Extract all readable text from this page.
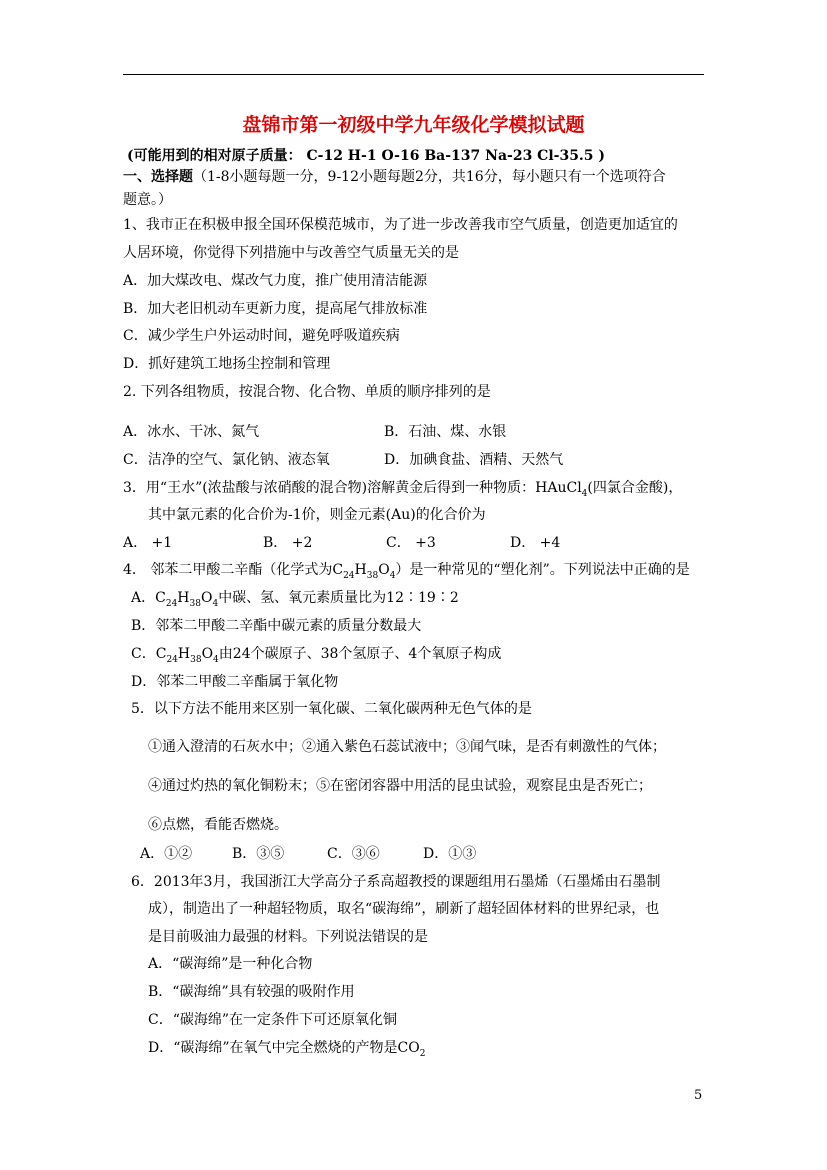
盘锦市第一初级中学九年级化学模拟试题
(可能用到的相对原子质量： C-12 H-1 O-16 Ba-137 Na-23 Cl-35.5 )
一、选择题（1-8小题每题一分，9-12小题每题2分，共16分，每小题只有一个选项符合
题意。）
1、我市正在积极申报全国环保模范城市，为了进一步改善我市空气质量，创造更加适宜的
人居环境，你觉得下列措施中与改善空气质量无关的是
A．加大煤改电、煤改气力度，推广使用清洁能源
B．加大老旧机动车更新力度，提高尾气排放标准
C．减少学生户外运动时间，避免呼吸道疾病
D．抓好建筑工地扬尘控制和管理
2. 下列各组物质，按混合物、化合物、单质的顺序排列的是
A．冰水、干冰、氮气	B．石油、煤、水银
C．洁净的空气、氯化钠、液态氧	D．加碘食盐、酒精、天然气
3．用“王水”(浓盐酸与浓硝酸的混合物)溶解黄金后得到一种物质：HAuCl$_4$(四氯合金酸)，
其中氯元素的化合价为-1价，则金元素(Au)的化合价为
A． +1	B． +2	C． +3	D． +4
4． 邻苯二甲酸二辛酯（化学式为$C_{24}H_{38}O_4$）是一种常见的“塑化剂”。下列说法中正确的是
A．$C_{24}H_{38}O_4$中碳、氢、氧元素质量比为12∶19∶2
B．邻苯二甲酸二辛酯中碳元素的质量分数最大
C．$C_{24}H_{38}O_4$由24个碳原子、38个氢原子、4个氧原子构成
D．邻苯二甲酸二辛酯属于氧化物
5．以下方法不能用来区别一氧化碳、二氧化碳两种无色气体的是
①通入澄清的石灰水中；②通入紫色石蕊试液中；③闻气味，是否有刺激性的气体；
④通过灼热的氧化铜粉末；⑤在密闭容器中用活的昆虫试验，观察昆虫是否死亡；
⑥点燃，看能否燃烧。
A．①②	B．③⑤	C．③⑥	D．①③
6．2013年3月，我国浙江大学高分子系高超教授的课题组用石墨烯（石墨烯由石墨制
成），制造出了一种超轻物质，取名“碳海绵”，刷新了超轻固体材料的世界纪录，也
是目前吸油力最强的材料。下列说法错误的是
A．“碳海绵”是一种化合物
B．“碳海绵”具有较强的吸附作用
C．“碳海绵”在一定条件下可还原氧化铜
D．“碳海绵”在氧气中完全燃烧的产物是$CO_2$
5
